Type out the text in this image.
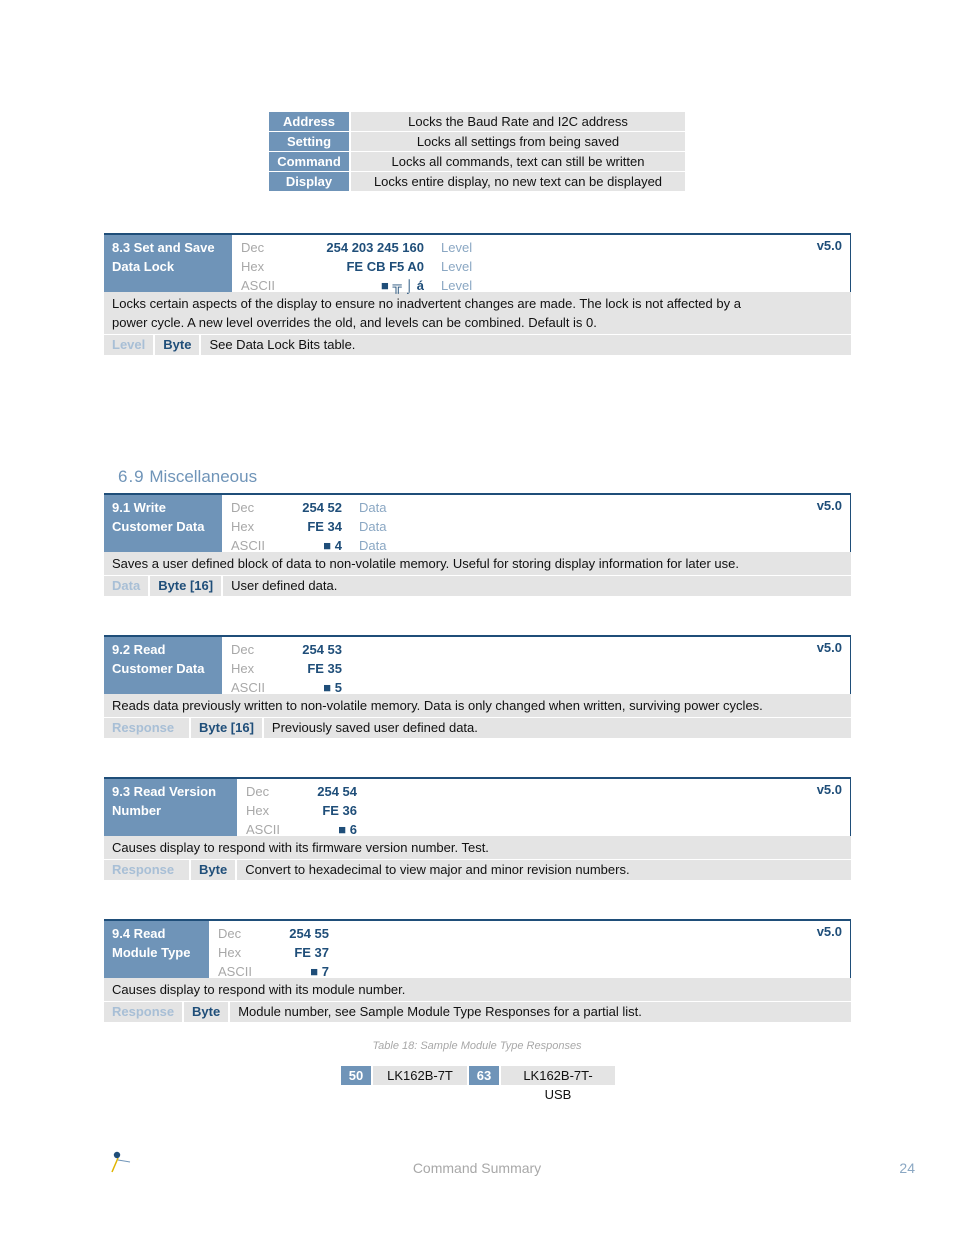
Address	Locks the Baud Rate and I2C address
Setting	Locks all settings from being saved
Command	Locks all commands, text can still be written
Display	Locks entire display, no new text can be displayed
8.3 Set and Save
Data Lock
Dec	254 203 245 160	Level
Hex	FE CB F5 A0	Level
ASCII	■ ╦ ⌡ á	Level
v5.0
Locks certain aspects of the display to ensure no inadvertent changes are made. The lock is not affected by a
power cycle. A new level overrides the old, and levels can be combined. Default is 0.
Level	Byte	See Data Lock Bits table.
6.9 Miscellaneous
9.1 Write
Customer Data
Dec	254 52	Data
Hex	FE 34	Data
ASCII	■ 4	Data
v5.0
Saves a user defined block of data to non-volatile memory. Useful for storing display information for later use.
Data	Byte [16]	User defined data.
9.2 Read
Customer Data
Dec	254 53
Hex	FE 35
ASCII	■ 5
v5.0
Reads data previously written to non-volatile memory. Data is only changed when written, surviving power cycles.
Response	Byte [16]	Previously saved user defined data.
9.3 Read Version
Number
Dec	254 54
Hex	FE 36
ASCII	■ 6
v5.0
Causes display to respond with its firmware version number. Test.
Response	Byte	Convert to hexadecimal to view major and minor revision numbers.
9.4 Read
Module Type
Dec	254 55
Hex	FE 37
ASCII	■ 7
v5.0
Causes display to respond with its module number.
Response	Byte	Module number, see Sample Module Type Responses for a partial list.
Table 18: Sample Module Type Responses
50	LK162B-7T	63	LK162B-7T-USB
Command Summary	24
